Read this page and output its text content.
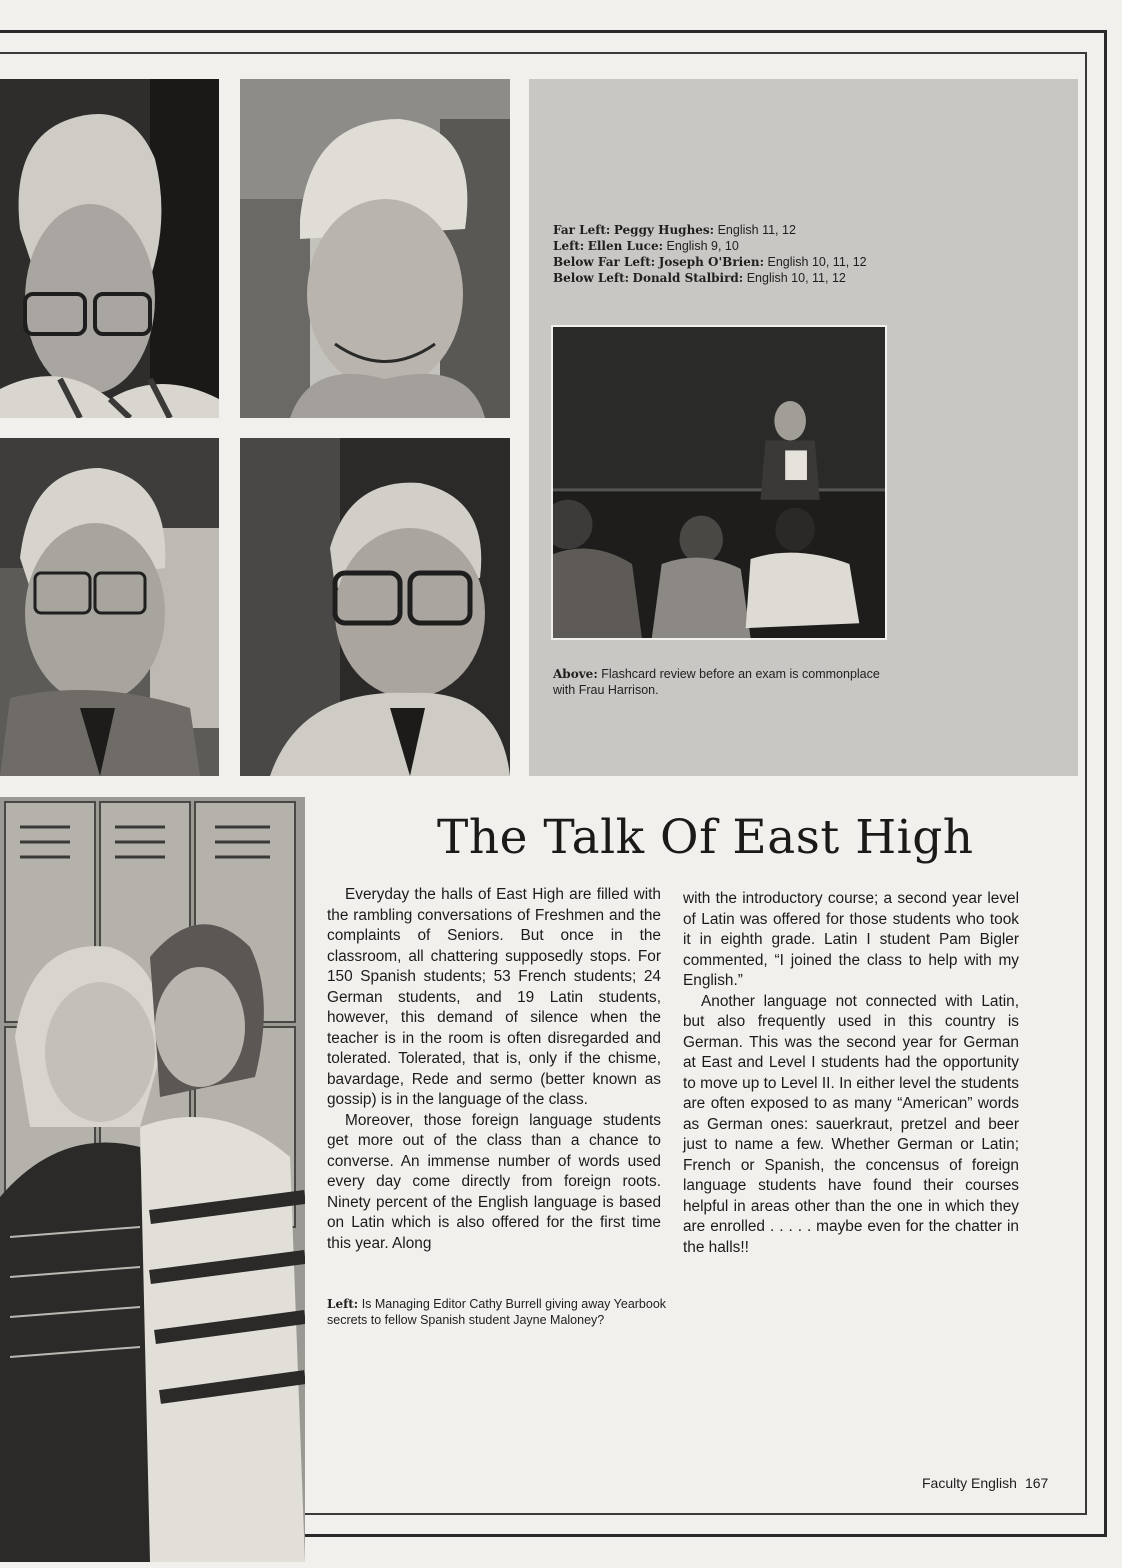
Far Left: Peggy Hughes: English 11, 12
Left: Ellen Luce: English 9, 10
Below Far Left: Joseph O'Brien: English 10, 11, 12
Below Left: Donald Stalbird: English 10, 11, 12
Above: Flashcard review before an exam is commonplace with Frau Harrison.
The Talk Of East High

Everyday the halls of East High are filled with the rambling conversations of Freshmen and the complaints of Seniors. But once in the classroom, all chattering supposedly stops. For 150 Spanish students; 53 French students; 24 German students, and 19 Latin students, however, this demand of silence when the teacher is in the room is often disregarded and tolerated. Tolerated, that is, only if the chisme, bavardage, Rede and sermo (better known as gossip) is in the language of the class.

Moreover, those foreign language students get more out of the class than a chance to converse. An immense number of words used every day come directly from foreign roots. Ninety percent of the English language is based on Latin which is also offered for the first time this year. Along

with the introductory course; a second year level of Latin was offered for those students who took it in eighth grade. Latin I student Pam Bigler commented, “I joined the class to help with my English.”

Another language not connected with Latin, but also frequently used in this country is German. This was the second year for German at East and Level I students had the opportunity to move up to Level II. In either level the students are often exposed to as many “American” words as German ones: sauerkraut, pretzel and beer just to name a few. Whether German or Latin; French or Spanish, the concensus of foreign language students have found their courses helpful in areas other than the one in which they are enrolled . . . . . maybe even for the chatter in the halls!!

Left: Is Managing Editor Cathy Burrell giving away Yearbook secrets to fellow Spanish student Jayne Maloney?
Faculty English 167
